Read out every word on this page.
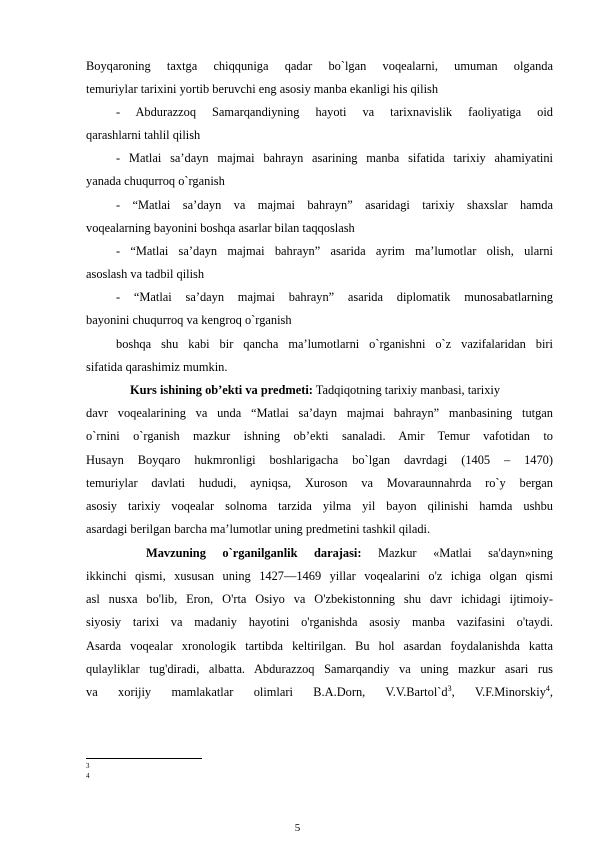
Boyqaroning taxtga chiqquniga qadar bo`lgan voqealarni, umuman olganda
temuriylar tarixini yortib beruvchi eng asosiy manba ekanligi his qilish
- Abdurazzoq Samarqandiyning hayoti va tarixnavislik faoliyatiga oid
qarashlarni tahlil qilish
- Matlai sa’dayn majmai bahrayn asarining manba sifatida tarixiy ahamiyatini
yanada chuqurroq o`rganish
- “Matlai sa’dayn va majmai bahrayn” asaridagi tarixiy shaxslar hamda
voqealarning bayonini boshqa asarlar bilan taqqoslash
- “Matlai sa’dayn majmai bahrayn” asarida ayrim ma’lumotlar olish, ularni
asoslash va tadbil qilish
- “Matlai sa’dayn majmai bahrayn” asarida diplomatik munosabatlarning
bayonini chuqurroq va kengroq o`rganish
boshqa shu kabi bir qancha ma’lumotlarni o`rganishni o`z vazifalaridan biri
sifatida qarashimiz mumkin.
Kurs ishining ob’ekti va predmeti: Tadqiqotning tarixiy manbasi, tarixiy
davr voqealarining va unda “Matlai sa’dayn majmai bahrayn” manbasining tutgan
o`rnini o`rganish mazkur ishning ob’ekti sanaladi. Amir Temur vafotidan to
Husayn Boyqaro hukmronligi boshlarigacha bo`lgan davrdagi (1405 – 1470)
temuriylar davlati hududi, ayniqsa, Xuroson va Movaraunnahrda ro`y bergan
asosiy tarixiy voqealar solnoma tarzida yilma yil bayon qilinishi hamda ushbu
asardagi berilgan barcha ma’lumotlar uning predmetini tashkil qiladi.
Mavzuning o`rganilganlik darajasi: Mazkur «Matlai sa'dayn»ning
ikkinchi qismi, xususan uning 1427—1469 yillar voqealarini o'z ichiga olgan qismi
asl nusxa bo'lib, Eron, O'rta Osiyo va O'zbekistonning shu davr ichidagi ijtimoiy-
siyosiy tarixi va madaniy hayotini o'rganishda asosiy manba vazifasini o'taydi.
Asarda voqealar xronologik tartibda keltirilgan. Bu hol asardan foydalanishda katta
qulayliklar tug'diradi, albatta. Abdurazzoq Samarqandiy va uning mazkur asari rus
va xorijiy mamlakatlar olimlari B.A.Dorn, $V.V.Bartol`d^3$, V.F.Minorskiy$^4$,
3
4
5
